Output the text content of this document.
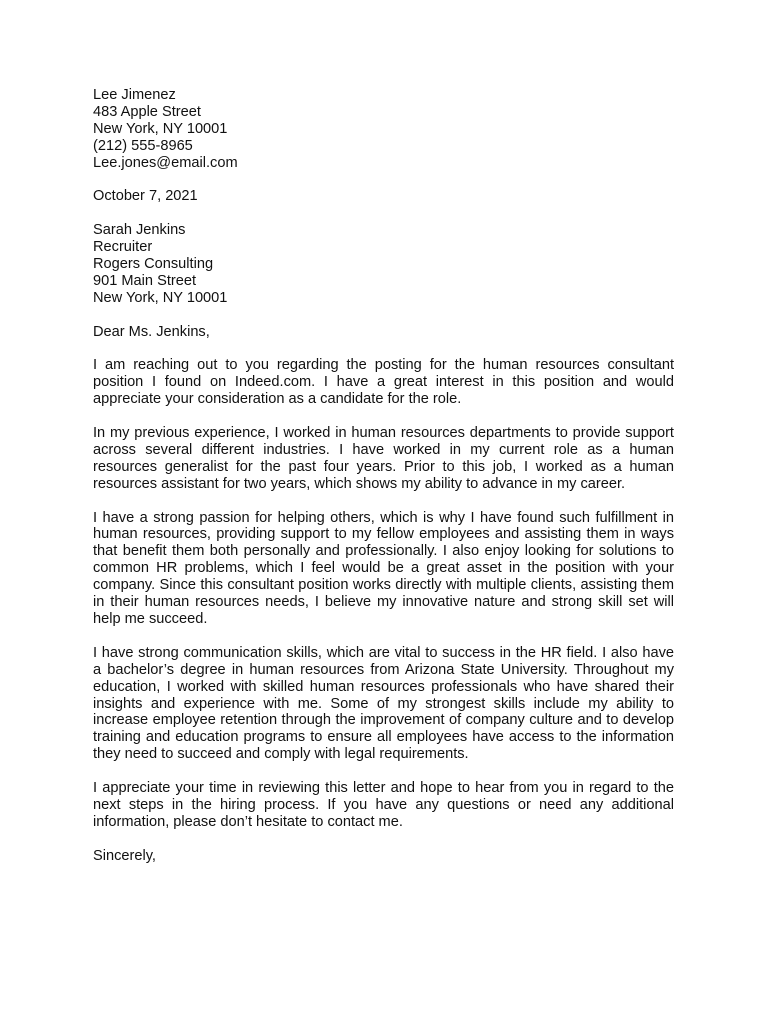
Lee Jimenez
483 Apple Street
New York, NY 10001
(212) 555-8965
Lee.jones@email.com
October 7, 2021
Sarah Jenkins
Recruiter
Rogers Consulting
901 Main Street
New York, NY 10001
Dear Ms. Jenkins,

I am reaching out to you regarding the posting for the human resources consultant position I found on Indeed.com. I have a great interest in this position and would appreciate your consideration as a candidate for the role.

In my previous experience, I worked in human resources departments to provide support across several different industries. I have worked in my current role as a human resources generalist for the past four years. Prior to this job, I worked as a human resources assistant for two years, which shows my ability to advance in my career.

I have a strong passion for helping others, which is why I have found such fulfillment in human resources, providing support to my fellow employees and assisting them in ways that benefit them both personally and professionally. I also enjoy looking for solutions to common HR problems, which I feel would be a great asset in the position with your company. Since this consultant position works directly with multiple clients, assisting them in their human resources needs, I believe my innovative nature and strong skill set will help me succeed.

I have strong communication skills, which are vital to success in the HR field. I also have a bachelor’s degree in human resources from Arizona State University. Throughout my education, I worked with skilled human resources professionals who have shared their insights and experience with me. Some of my strongest skills include my ability to increase employee retention through the improvement of company culture and to develop training and education programs to ensure all employees have access to the information they need to succeed and comply with legal requirements.

I appreciate your time in reviewing this letter and hope to hear from you in regard to the next steps in the hiring process. If you have any questions or need any additional information, please don’t hesitate to contact me.

Sincerely,
